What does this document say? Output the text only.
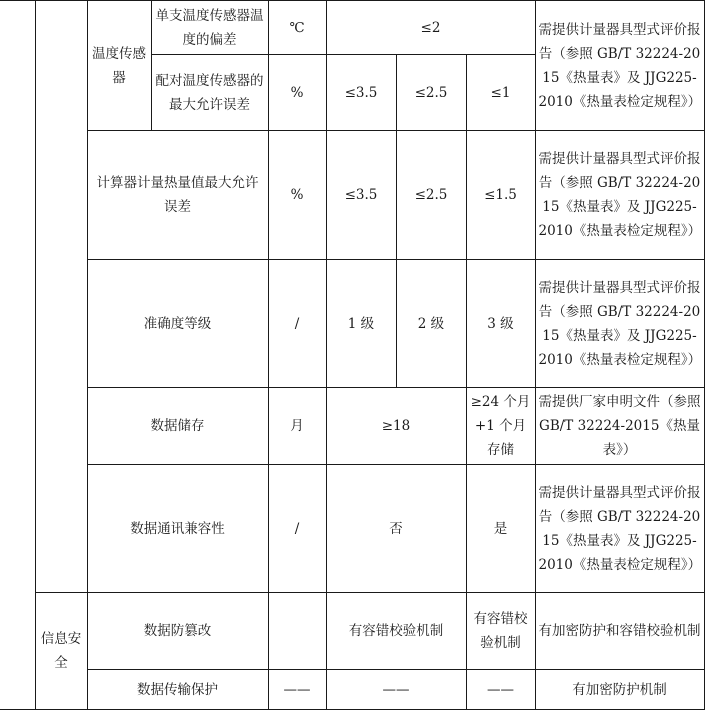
		温度传感器	单支温度传感器温度的偏差	℃	≤2			需提供计量器具型式评价报告（参照 GB/T 32224-2015《热量表》及 JJG225-2010《热量表检定规程》）
			配对温度传感器的最大允许误差	%	≤3.5	≤2.5	≤1	
		计算器计量热量值最大允许误差		%	≤3.5	≤2.5	≤1.5	需提供计量器具型式评价报告（参照 GB/T 32224-2015《热量表》及 JJG225-2010《热量表检定规程》）
		准确度等级		/	1 级	2 级	3 级	需提供计量器具型式评价报告（参照 GB/T 32224-2015《热量表》及 JJG225-2010《热量表检定规程》）
		数据储存		月	≥18		≥24 个月+1 个月存储	需提供厂家申明文件（参照 GB/T 32224-2015《热量表》）
		数据通讯兼容性		/	否		是	需提供计量器具型式评价报告（参照 GB/T 32224-2015《热量表》及 JJG225-2010《热量表检定规程》）
	信息安全	数据防篡改			有容错校验机制		有容错校验机制	有加密防护和容错校验机制
		数据传输保护		——	——		——	有加密防护机制
